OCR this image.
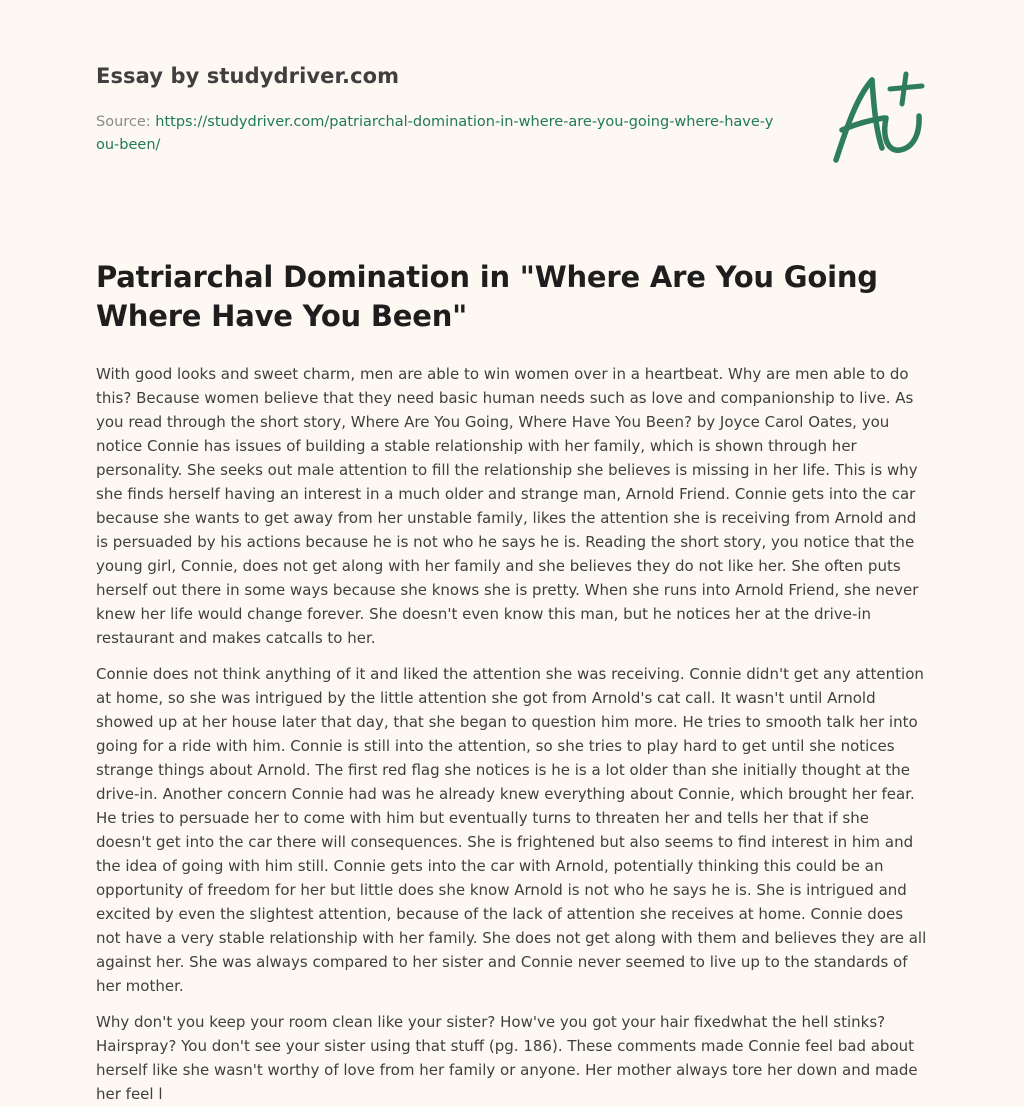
Essay by studydriver.com
Source: https://studydriver.com/patriarchal-domination-in-where-are-you-going-where-have-you-been/
Patriarchal Domination in "Where Are You Going Where Have You Been"

With good looks and sweet charm, men are able to win women over in a heartbeat. Why are men able to do this? Because women believe that they need basic human needs such as love and companionship to live. As you read through the short story, Where Are You Going, Where Have You Been? by Joyce Carol Oates, you notice Connie has issues of building a stable relationship with her family, which is shown through her personality. She seeks out male attention to fill the relationship she believes is missing in her life. This is why she finds herself having an interest in a much older and strange man, Arnold Friend. Connie gets into the car because she wants to get away from her unstable family, likes the attention she is receiving from Arnold and is persuaded by his actions because he is not who he says he is. Reading the short story, you notice that the young girl, Connie, does not get along with her family and she believes they do not like her. She often puts herself out there in some ways because she knows she is pretty. When she runs into Arnold Friend, she never knew her life would change forever. She doesn't even know this man, but he notices her at the drive-in restaurant and makes catcalls to her.

Connie does not think anything of it and liked the attention she was receiving. Connie didn't get any attention at home, so she was intrigued by the little attention she got from Arnold's cat call. It wasn't until Arnold showed up at her house later that day, that she began to question him more. He tries to smooth talk her into going for a ride with him. Connie is still into the attention, so she tries to play hard to get until she notices strange things about Arnold. The first red flag she notices is he is a lot older than she initially thought at the drive-in. Another concern Connie had was he already knew everything about Connie, which brought her fear. He tries to persuade her to come with him but eventually turns to threaten her and tells her that if she doesn't get into the car there will consequences. She is frightened but also seems to find interest in him and the idea of going with him still. Connie gets into the car with Arnold, potentially thinking this could be an opportunity of freedom for her but little does she know Arnold is not who he says he is. She is intrigued and excited by even the slightest attention, because of the lack of attention she receives at home. Connie does not have a very stable relationship with her family. She does not get along with them and believes they are all against her. She was always compared to her sister and Connie never seemed to live up to the standards of her mother.

Why don't you keep your room clean like your sister? How've you got your hair fixedwhat the hell stinks? Hairspray? You don't see your sister using that stuff (pg. 186). These comments made Connie feel bad about herself like she wasn't worthy of love from her family or anyone. Her mother always tore her down and made her feel l
